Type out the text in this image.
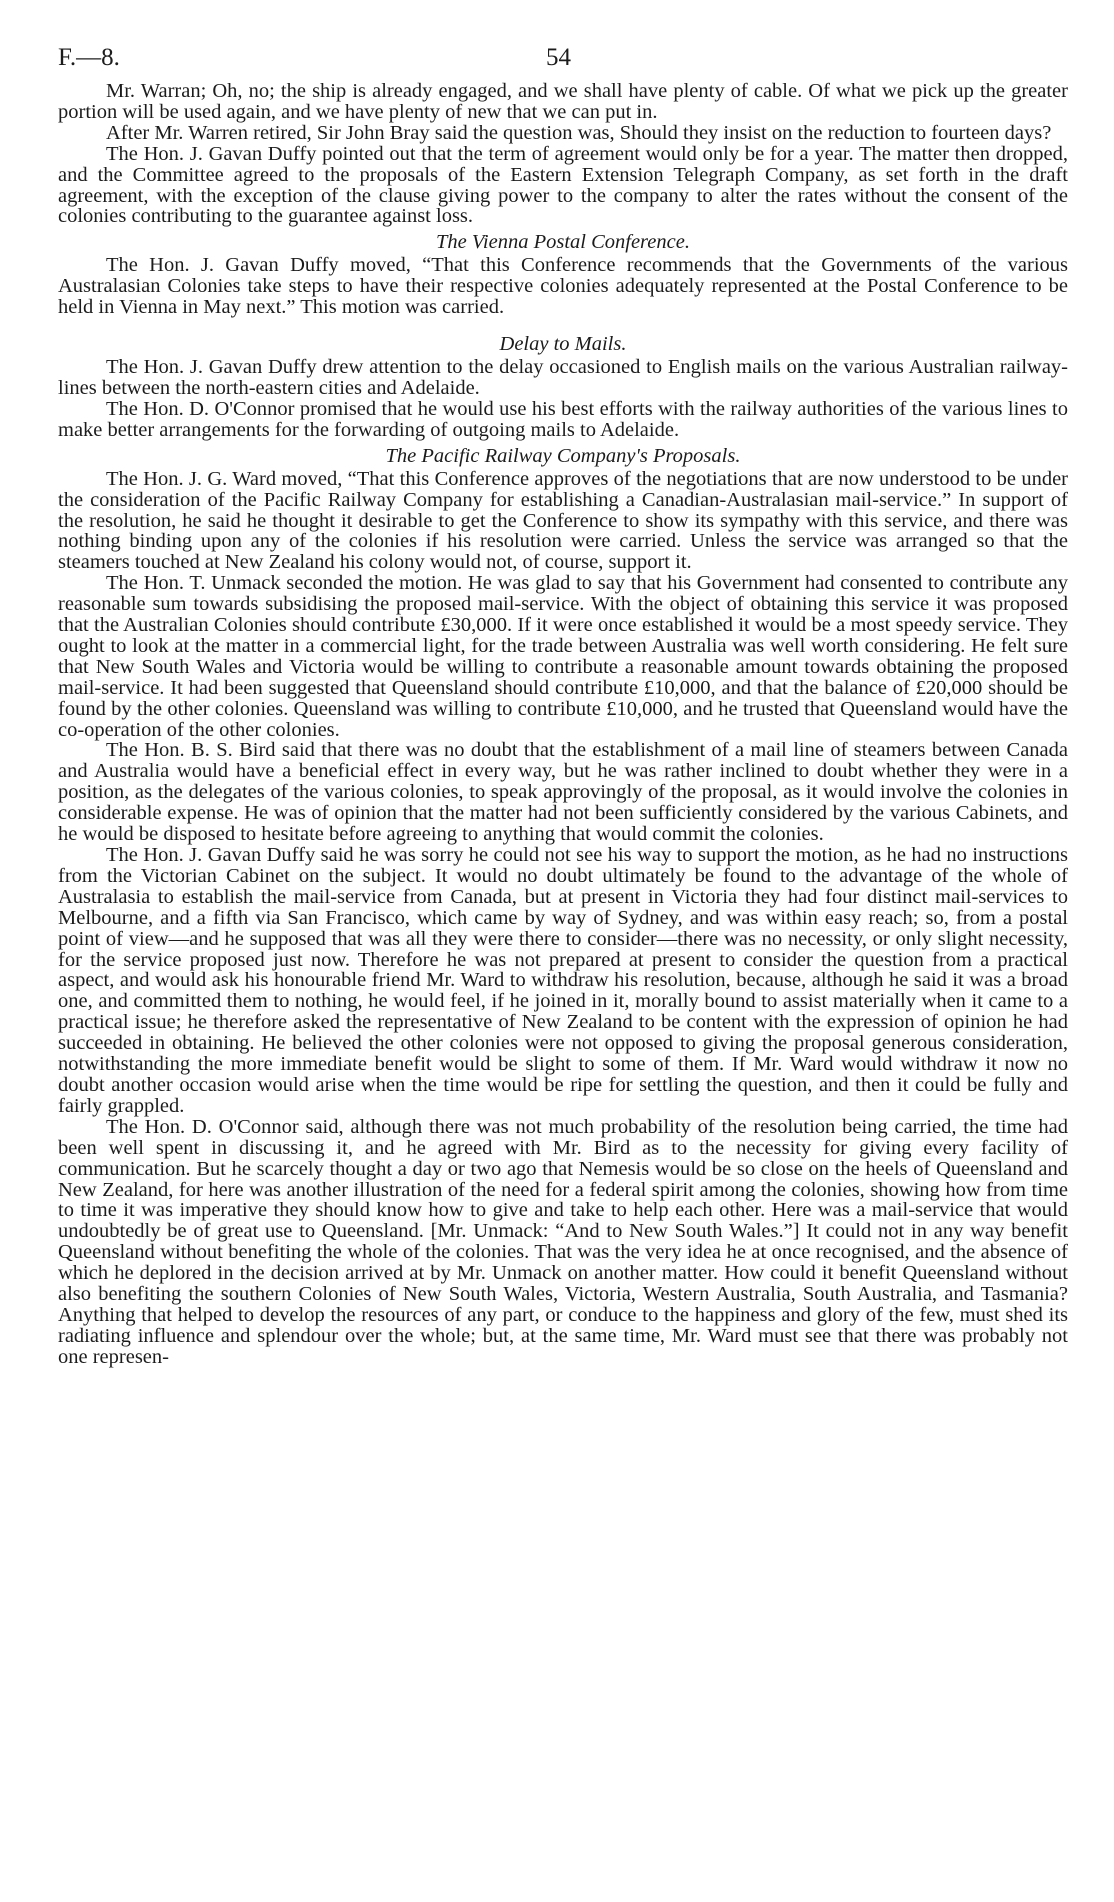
F.—8.	54

Mr. Warran; Oh, no; the ship is already engaged, and we shall have plenty of cable. Of what we pick up the greater portion will be used again, and we have plenty of new that we can put in.

After Mr. Warren retired, Sir John Bray said the question was, Should they insist on the reduction to fourteen days?

The Hon. J. Gavan Duffy pointed out that the term of agreement would only be for a year. The matter then dropped, and the Committee agreed to the proposals of the Eastern Extension Telegraph Company, as set forth in the draft agreement, with the exception of the clause giving power to the company to alter the rates without the consent of the colonies contributing to the guarantee against loss.

The Vienna Postal Conference.

The Hon. J. Gavan Duffy moved, “That this Conference recommends that the Governments of the various Australasian Colonies take steps to have their respective colonies adequately represented at the Postal Conference to be held in Vienna in May next.” This motion was carried.

Delay to Mails.

The Hon. J. Gavan Duffy drew attention to the delay occasioned to English mails on the various Australian railway-lines between the north-eastern cities and Adelaide.

The Hon. D. O'Connor promised that he would use his best efforts with the railway authorities of the various lines to make better arrangements for the forwarding of outgoing mails to Adelaide.

The Pacific Railway Company's Proposals.

The Hon. J. G. Ward moved, “That this Conference approves of the negotiations that are now understood to be under the consideration of the Pacific Railway Company for establishing a Canadian-Australasian mail-service.” In support of the resolution, he said he thought it desirable to get the Conference to show its sympathy with this service, and there was nothing binding upon any of the colonies if his resolution were carried. Unless the service was arranged so that the steamers touched at New Zealand his colony would not, of course, support it.

The Hon. T. Unmack seconded the motion. He was glad to say that his Government had consented to contribute any reasonable sum towards subsidising the proposed mail-service. With the object of obtaining this service it was proposed that the Australian Colonies should contribute £30,000. If it were once established it would be a most speedy service. They ought to look at the matter in a commercial light, for the trade between Australia was well worth considering. He felt sure that New South Wales and Victoria would be willing to contribute a reasonable amount towards obtaining the proposed mail-service. It had been suggested that Queensland should contribute £10,000, and that the balance of £20,000 should be found by the other colonies. Queensland was willing to contribute £10,000, and he trusted that Queensland would have the co-operation of the other colonies.

The Hon. B. S. Bird said that there was no doubt that the establishment of a mail line of steamers between Canada and Australia would have a beneficial effect in every way, but he was rather inclined to doubt whether they were in a position, as the delegates of the various colonies, to speak approvingly of the proposal, as it would involve the colonies in considerable expense. He was of opinion that the matter had not been sufficiently considered by the various Cabinets, and he would be disposed to hesitate before agreeing to anything that would commit the colonies.

The Hon. J. Gavan Duffy said he was sorry he could not see his way to support the motion, as he had no instructions from the Victorian Cabinet on the subject. It would no doubt ultimately be found to the advantage of the whole of Australasia to establish the mail-service from Canada, but at present in Victoria they had four distinct mail-services to Melbourne, and a fifth via San Francisco, which came by way of Sydney, and was within easy reach; so, from a postal point of view—and he supposed that was all they were there to consider—there was no necessity, or only slight necessity, for the service proposed just now. Therefore he was not prepared at present to consider the question from a practical aspect, and would ask his honourable friend Mr. Ward to withdraw his resolution, because, although he said it was a broad one, and committed them to nothing, he would feel, if he joined in it, morally bound to assist materially when it came to a practical issue; he therefore asked the representative of New Zealand to be content with the expression of opinion he had succeeded in obtaining. He believed the other colonies were not opposed to giving the proposal generous consideration, notwithstanding the more immediate benefit would be slight to some of them. If Mr. Ward would withdraw it now no doubt another occasion would arise when the time would be ripe for settling the question, and then it could be fully and fairly grappled.

The Hon. D. O'Connor said, although there was not much probability of the resolution being carried, the time had been well spent in discussing it, and he agreed with Mr. Bird as to the necessity for giving every facility of communication. But he scarcely thought a day or two ago that Nemesis would be so close on the heels of Queensland and New Zealand, for here was another illustration of the need for a federal spirit among the colonies, showing how from time to time it was imperative they should know how to give and take to help each other. Here was a mail-service that would undoubtedly be of great use to Queensland. [Mr. Unmack: “And to New South Wales.”] It could not in any way benefit Queensland without benefiting the whole of the colonies. That was the very idea he at once recognised, and the absence of which he deplored in the decision arrived at by Mr. Unmack on another matter. How could it benefit Queensland without also benefiting the southern Colonies of New South Wales, Victoria, Western Australia, South Australia, and Tasmania? Anything that helped to develop the resources of any part, or conduce to the happiness and glory of the few, must shed its radiating influence and splendour over the whole; but, at the same time, Mr. Ward must see that there was probably not one represen-
